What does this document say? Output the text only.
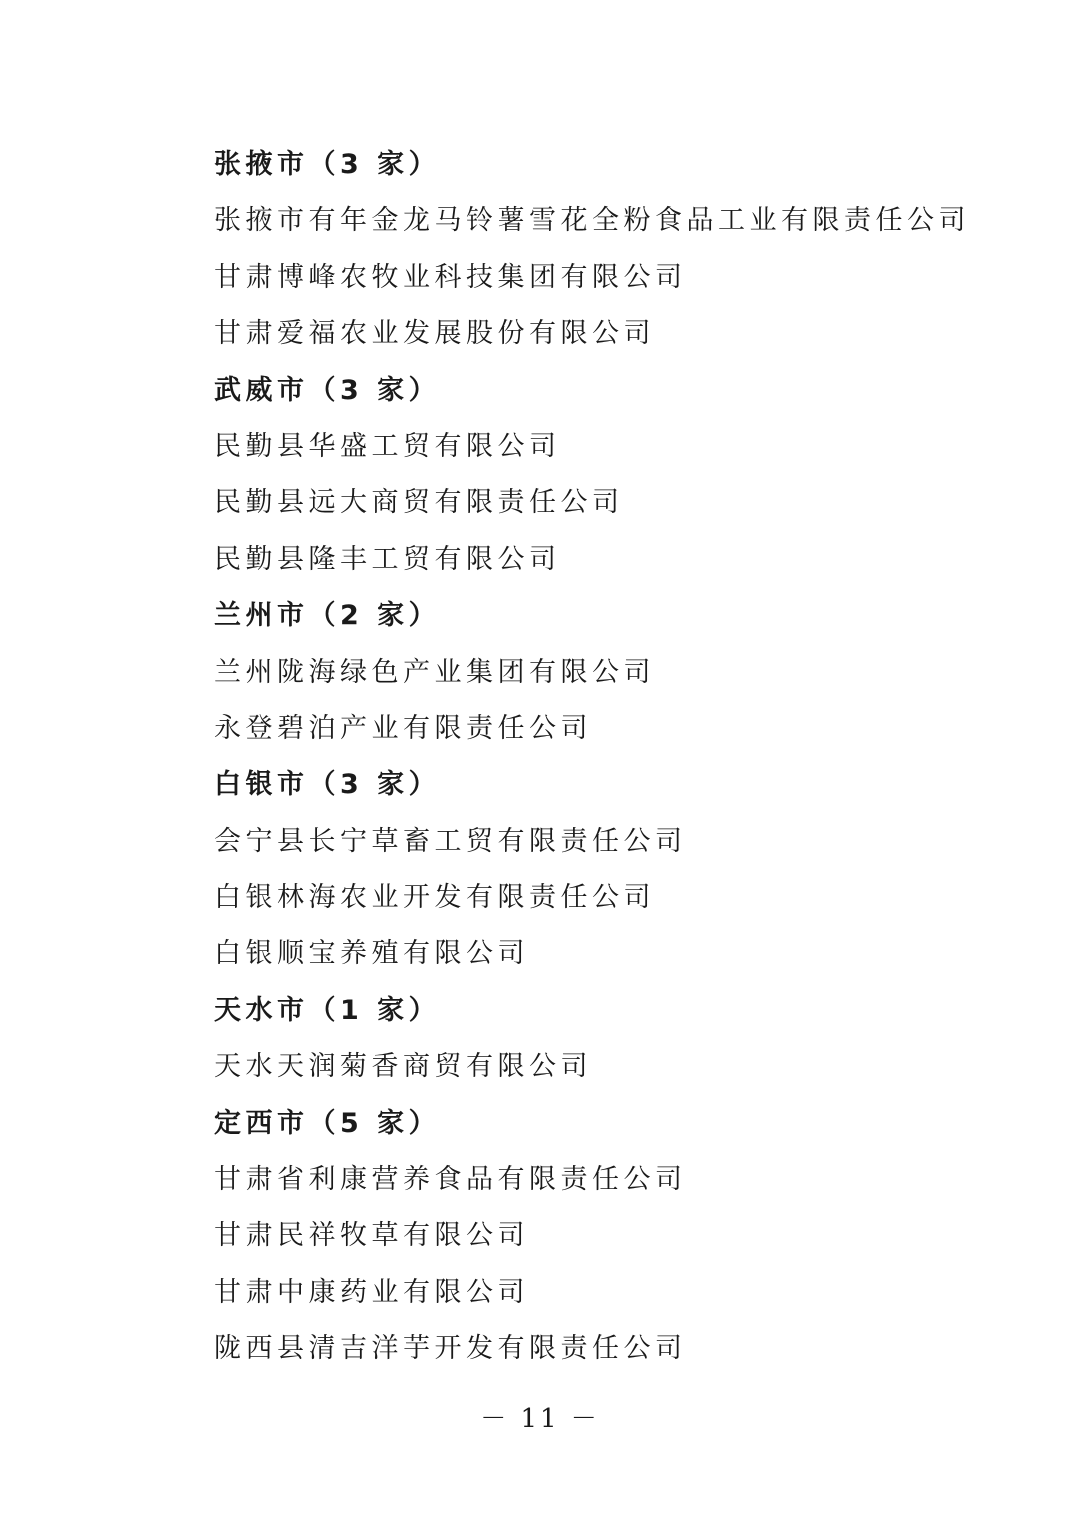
张掖市（3 家）
张掖市有年金龙马铃薯雪花全粉食品工业有限责任公司
甘肃博峰农牧业科技集团有限公司
甘肃爱福农业发展股份有限公司
武威市（3 家）
民勤县华盛工贸有限公司
民勤县远大商贸有限责任公司
民勤县隆丰工贸有限公司
兰州市（2 家）
兰州陇海绿色产业集团有限公司
永登碧泊产业有限责任公司
白银市（3 家）
会宁县长宁草畜工贸有限责任公司
白银林海农业开发有限责任公司
白银顺宝养殖有限公司
天水市（1 家）
天水天润菊香商贸有限公司
定西市（5 家）
甘肃省利康营养食品有限责任公司
甘肃民祥牧草有限公司
甘肃中康药业有限公司
陇西县清吉洋芋开发有限责任公司
－ 11 －
